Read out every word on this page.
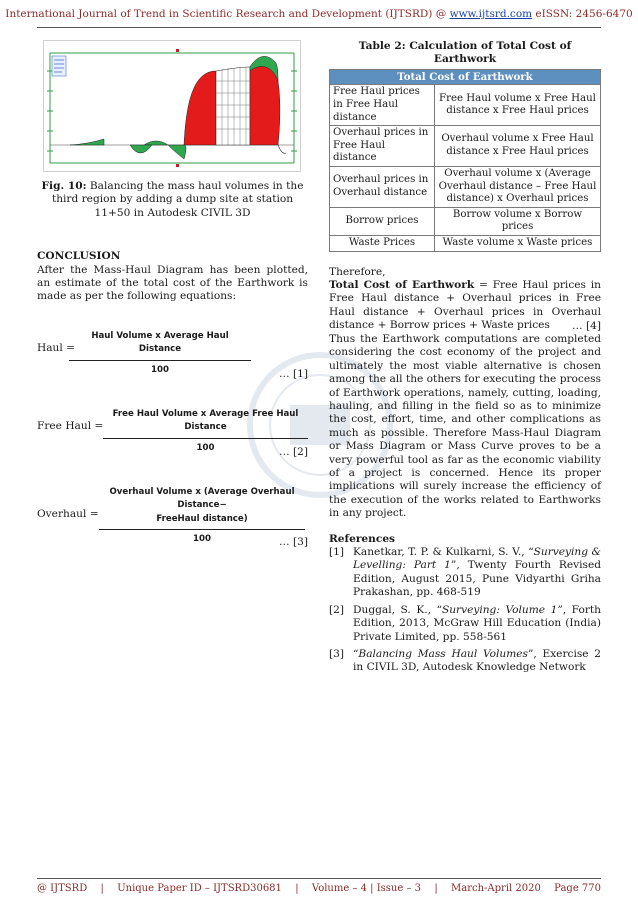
International Journal of Trend in Scientific Research and Development (IJTSRD) @ www.ijtsrd.com eISSN: 2456-6470
Fig. 10: Balancing the mass haul volumes in the third region by adding a dump site at station 11+50 in Autodesk CIVIL 3D
CONCLUSION
After the Mass-Haul Diagram has been plotted, an estimate of the total cost of the Earthwork is made as per the following equations:
Haul =
Haul Volume x Average Haul Distance
100	… [1]
Free Haul =
Free Haul Volume x Average Free Haul Distance
100	… [2]
Overhaul =
Overhaul Volume x (Average Overhaul Distance−
FreeHaul distance)
100	… [3]
Table 2: Calculation of Total Cost of Earthwork
Total Cost of Earthwork	
Free Haul prices in Free Haul distance	Free Haul volume x Free Haul distance x Free Haul prices
Overhaul prices in Free Haul distance	Overhaul volume x Free Haul distance x Free Haul prices
Overhaul prices in Overhaul distance	Overhaul volume x (Average Overhaul distance – Free Haul distance) x Overhaul prices
Borrow prices	Borrow volume x Borrow prices
Waste Prices	Waste volume x Waste prices
Therefore,
Total Cost of Earthwork = Free Haul prices in Free Haul distance + Overhaul prices in Free Haul distance + Overhaul prices in Overhaul distance + Borrow prices + Waste prices	… [4]
Thus the Earthwork computations are completed considering the cost economy of the project and ultimately the most viable alternative is chosen among the all the others for executing the process of Earthwork operations, namely, cutting, loading, hauling, and filling in the field so as to minimize the cost, effort, time, and other complications as much as possible. Therefore Mass-Haul Diagram or Mass Diagram or Mass Curve proves to be a very powerful tool as far as the economic viability of a project is concerned. Hence its proper implications will surely increase the efficiency of the execution of the works related to Earthworks in any project.
References
[1] Kanetkar, T. P. & Kulkarni, S. V., “Surveying & Levelling: Part 1”, Twenty Fourth Revised Edition, August 2015, Pune Vidyarthi Griha Prakashan, pp. 468-519
[2] Duggal, S. K., “Surveying: Volume 1”, Forth Edition, 2013, McGraw Hill Education (India) Private Limited, pp. 558-561
[3] “Balancing Mass Haul Volumes”, Exercise 2 in CIVIL 3D, Autodesk Knowledge Network
@ IJTSRD | Unique Paper ID – IJTSRD30681 | Volume – 4 | Issue – 3 | March-April 2020 Page 770
